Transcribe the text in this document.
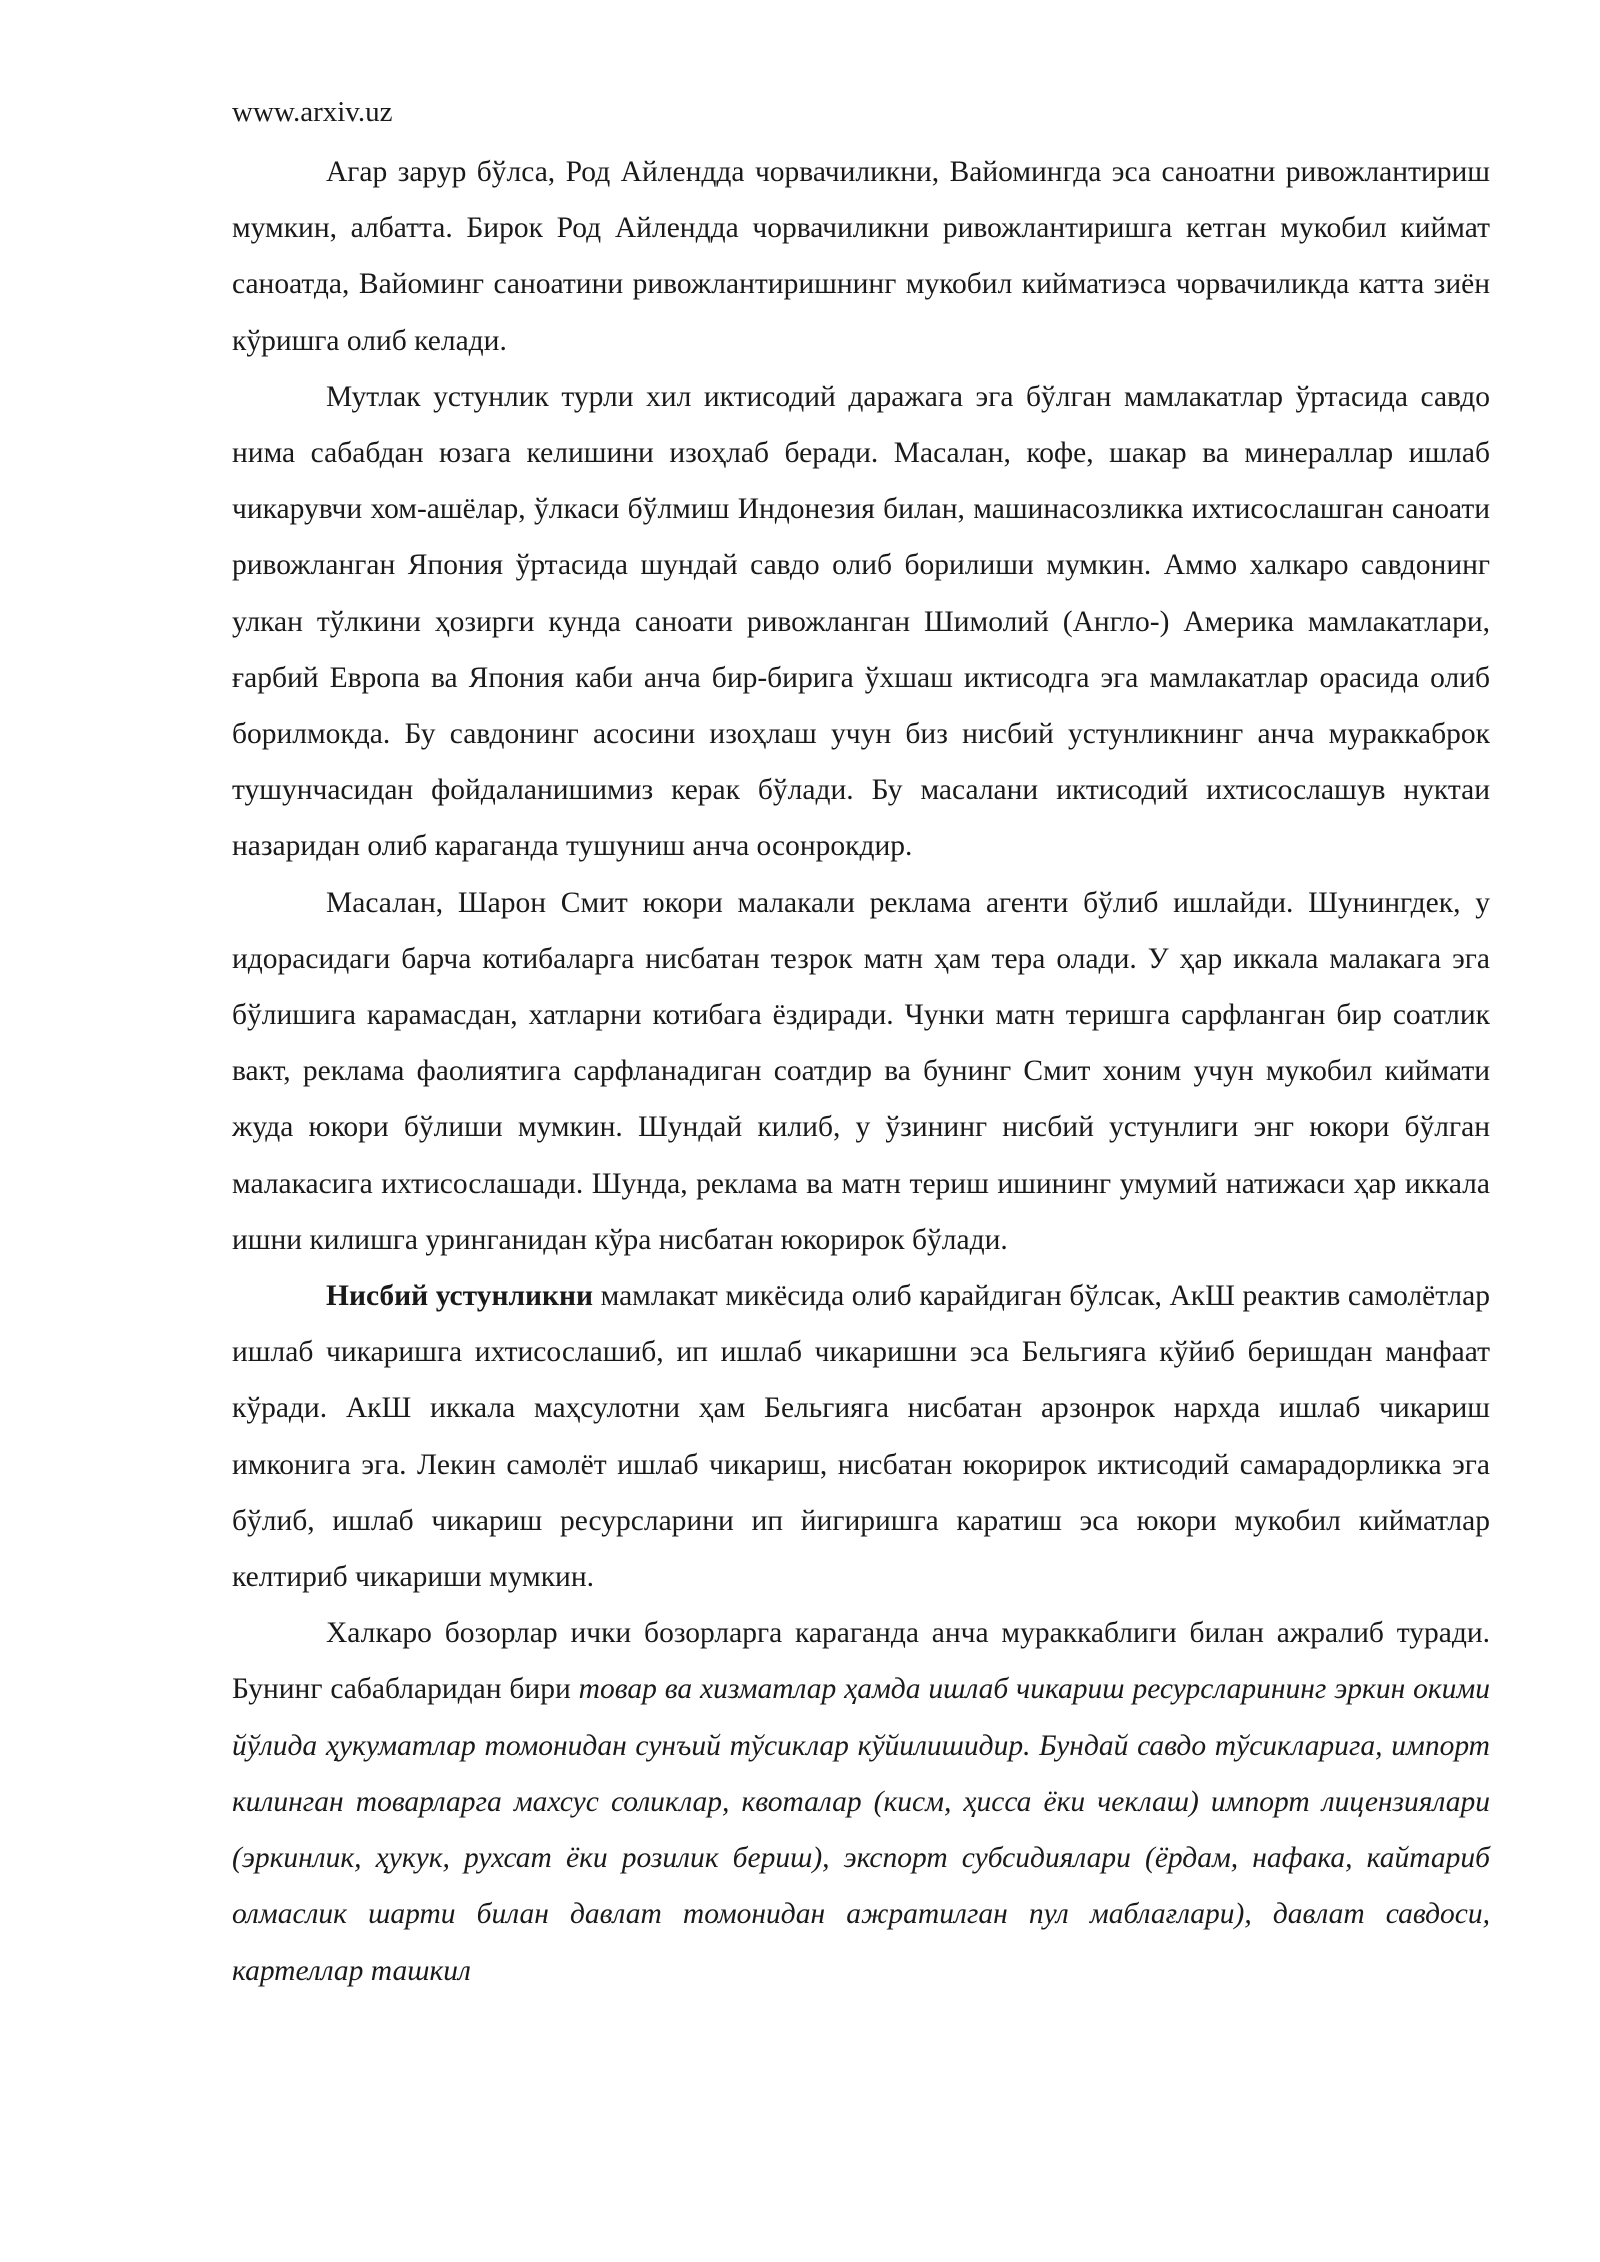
www.arxiv.uz

Агар зарур бўлса, Род Айлендда чорвачиликни, Вайомингда эса саноатни ривожлантириш мумкин, албатта. Бирок Род Айлендда чорвачиликни ривожлантиришга кетган мукобил киймат саноатда, Вайоминг саноатини ривожлантиришнинг мукобил кийматиэса чорвачиликда катта зиён кўришга олиб келади.

Мутлак устунлик турли хил иктисодий даражага эга бўлган мамлакатлар ўртасида савдо нима сабабдан юзага келишини изоҳлаб беради. Масалан, кофе, шакар ва минераллар ишлаб чикарувчи хом-ашёлар, ўлкаси бўлмиш Индонезия билан, машинасозликка ихтисослашган саноати ривожланган Япония ўртасида шундай савдо олиб борилиши мумкин. Аммо халкаро савдонинг улкан тўлкини ҳозирги кунда саноати ривожланган Шимолий (Англо-) Америка мамлакатлари, ғарбий Европа ва Япония каби анча бир-бирига ўхшаш иктисодга эга мамлакатлар орасида олиб борилмокда. Бу савдонинг асосини изоҳлаш учун биз нисбий устунликнинг анча мураккаброк тушунчасидан фойдаланишимиз керак бўлади. Бу масалани иктисодий ихтисослашув нуктаи назаридан олиб караганда тушуниш анча осонрокдир.

Масалан, Шарон Смит юкори малакали реклама агенти бўлиб ишлайди. Шунингдек, у идорасидаги барча котибаларга нисбатан тезрок матн ҳам тера олади. У ҳар иккала малакага эга бўлишига карамасдан, хатларни котибага ёздиради. Чунки матн теришга сарфланган бир соатлик вакт, реклама фаолиятига сарфланадиган соатдир ва бунинг Смит хоним учун мукобил киймати жуда юкори бўлиши мумкин. Шундай килиб, у ўзининг нисбий устунлиги энг юкори бўлган малакасига ихтисослашади. Шунда, реклама ва матн териш ишининг умумий натижаси ҳар иккала ишни килишга уринганидан кўра нисбатан юкорирок бўлади.

Нисбий устунликни мамлакат микёсида олиб карайдиган бўлсак, АкШ реактив самолётлар ишлаб чикаришга ихтисослашиб, ип ишлаб чикаришни эса Бельгияга кўйиб беришдан манфаат кўради. АкШ иккала маҳсулотни ҳам Бельгияга нисбатан арзонрок нархда ишлаб чикариш имконига эга. Лекин самолёт ишлаб чикариш, нисбатан юкорирок иктисодий самарадорликка эга бўлиб, ишлаб чикариш ресурсларини ип йигиришга каратиш эса юкори мукобил кийматлар келтириб чикариши мумкин.

Халкаро бозорлар ички бозорларга караганда анча мураккаблиги билан ажралиб туради. Бунинг сабабларидан бири товар ва хизматлар ҳамда ишлаб чикариш ресурсларининг эркин окими йўлида ҳукуматлар томонидан сунъий тўсиклар кўйилишидир. Бундай савдо тўсикларига, импорт килинган товарларга махсус соликлар, квоталар (кисм, ҳисса ёки чеклаш) импорт лицензиялари (эркинлик, ҳукук, рухсат ёки розилик бериш), экспорт субсидиялари (ёрдам, нафака, кайтариб олмаслик шарти билан давлат томонидан ажратилган пул маблағлари), давлат савдоси, картеллар ташкил
